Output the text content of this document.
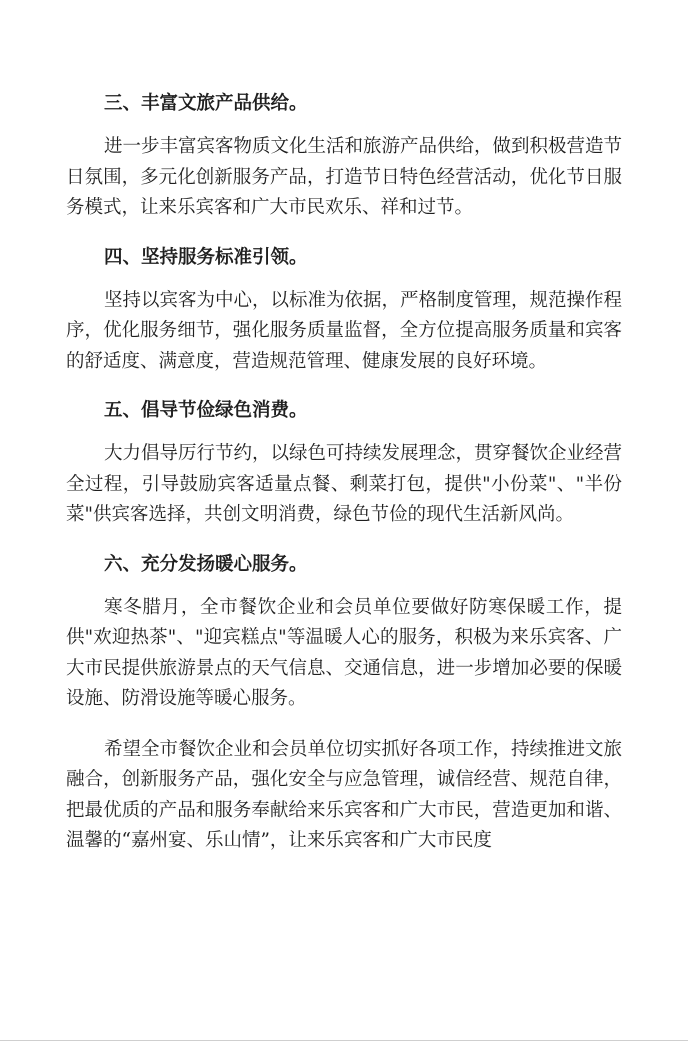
三、丰富文旅产品供给。

进一步丰富宾客物质文化生活和旅游产品供给，做到积极营造节日氛围，多元化创新服务产品，打造节日特色经营活动，优化节日服务模式，让来乐宾客和广大市民欢乐、祥和过节。

四、坚持服务标准引领。

坚持以宾客为中心，以标准为依据，严格制度管理，规范操作程序，优化服务细节，强化服务质量监督，全方位提高服务质量和宾客的舒适度、满意度，营造规范管理、健康发展的良好环境。

五、倡导节俭绿色消费。

大力倡导厉行节约，以绿色可持续发展理念，贯穿餐饮企业经营全过程，引导鼓励宾客适量点餐、剩菜打包，提供"小份菜"、"半份菜"供宾客选择，共创文明消费，绿色节俭的现代生活新风尚。

六、充分发扬暖心服务。

寒冬腊月，全市餐饮企业和会员单位要做好防寒保暖工作，提供"欢迎热茶"、"迎宾糕点"等温暖人心的服务，积极为来乐宾客、广大市民提供旅游景点的天气信息、交通信息，进一步增加必要的保暖设施、防滑设施等暖心服务。

希望全市餐饮企业和会员单位切实抓好各项工作，持续推进文旅融合，创新服务产品，强化安全与应急管理，诚信经营、规范自律，把最优质的产品和服务奉献给来乐宾客和广大市民，营造更加和谐、温馨的“嘉州宴、乐山情”，让来乐宾客和广大市民度
